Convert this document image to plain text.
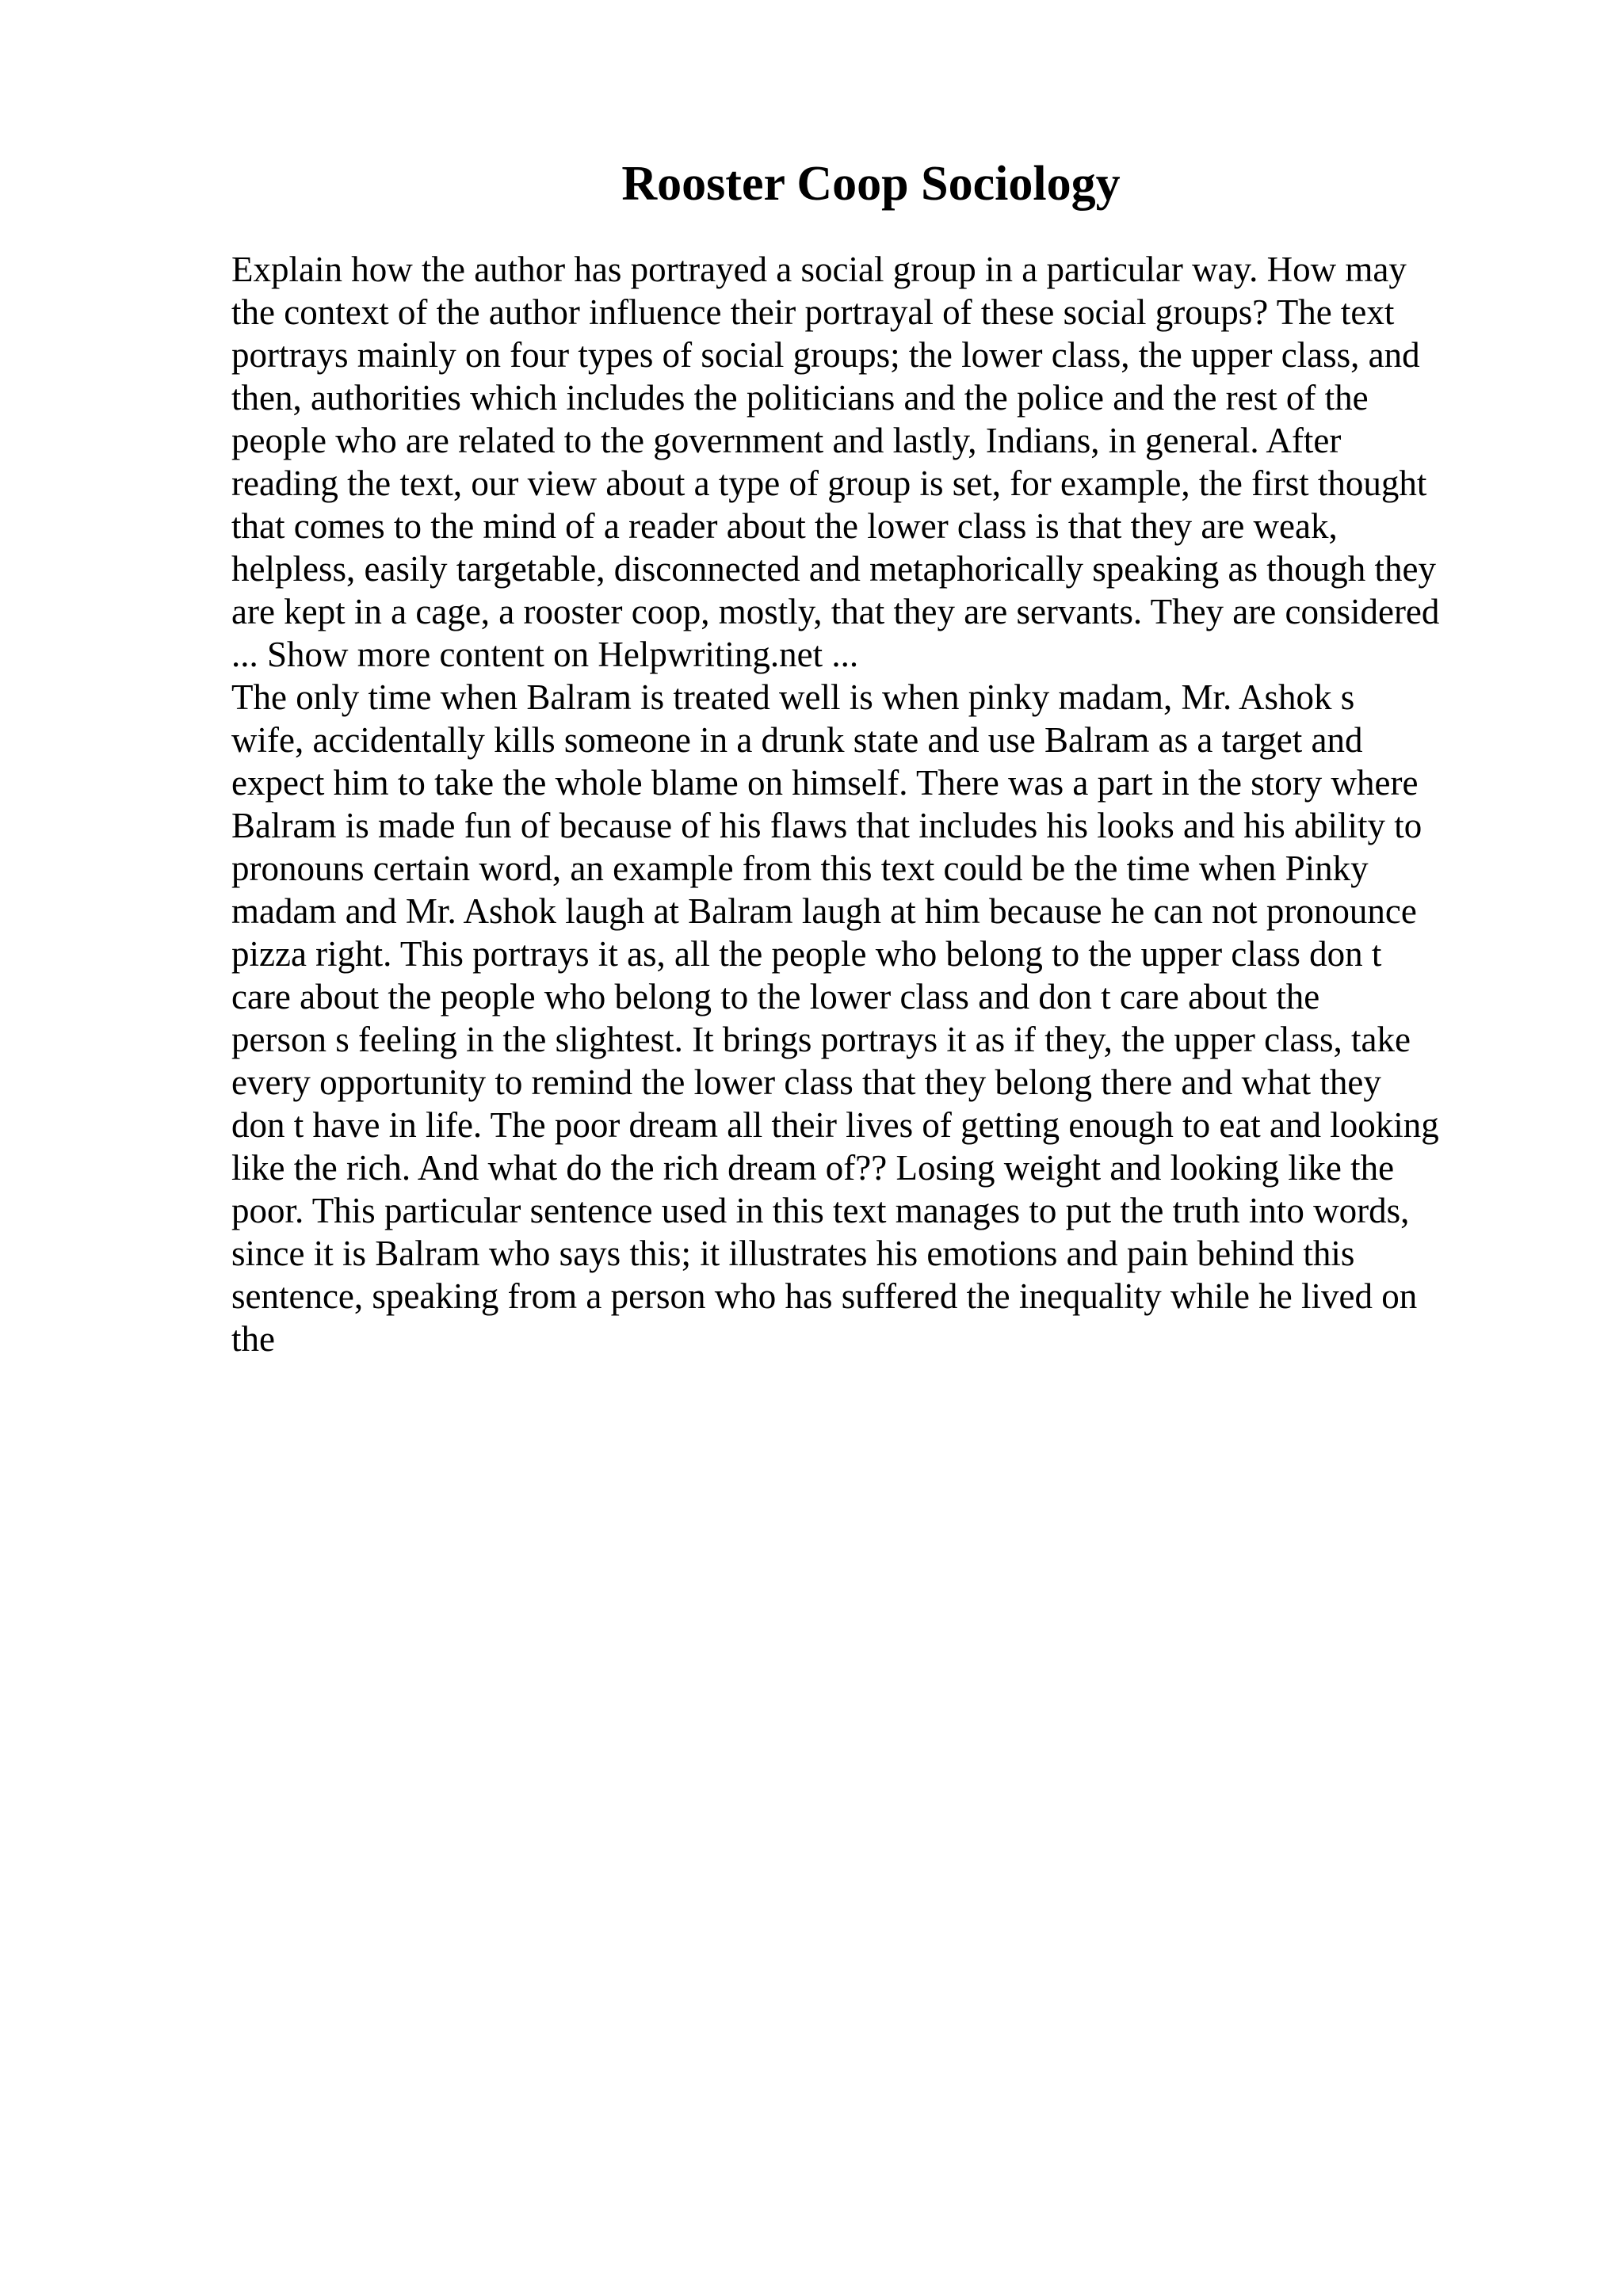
Rooster Coop Sociology
Explain how the author has portrayed a social group in a particular way. How may
the context of the author influence their portrayal of these social groups? The text
portrays mainly on four types of social groups; the lower class, the upper class, and
then, authorities which includes the politicians and the police and the rest of the
people who are related to the government and lastly, Indians, in general. After
reading the text, our view about a type of group is set, for example, the first thought
that comes to the mind of a reader about the lower class is that they are weak,
helpless, easily targetable, disconnected and metaphorically speaking as though they
are kept in a cage, a rooster coop, mostly, that they are servants. They are considered
... Show more content on Helpwriting.net ...
The only time when Balram is treated well is when pinky madam, Mr. Ashok s
wife, accidentally kills someone in a drunk state and use Balram as a target and
expect him to take the whole blame on himself. There was a part in the story where
Balram is made fun of because of his flaws that includes his looks and his ability to
pronouns certain word, an example from this text could be the time when Pinky
madam and Mr. Ashok laugh at Balram laugh at him because he can not pronounce
pizza right. This portrays it as, all the people who belong to the upper class don t
care about the people who belong to the lower class and don t care about the
person s feeling in the slightest. It brings portrays it as if they, the upper class, take
every opportunity to remind the lower class that they belong there and what they
don t have in life. The poor dream all their lives of getting enough to eat and looking
like the rich. And what do the rich dream of?? Losing weight and looking like the
poor. This particular sentence used in this text manages to put the truth into words,
since it is Balram who says this; it illustrates his emotions and pain behind this
sentence, speaking from a person who has suffered the inequality while he lived on
the
